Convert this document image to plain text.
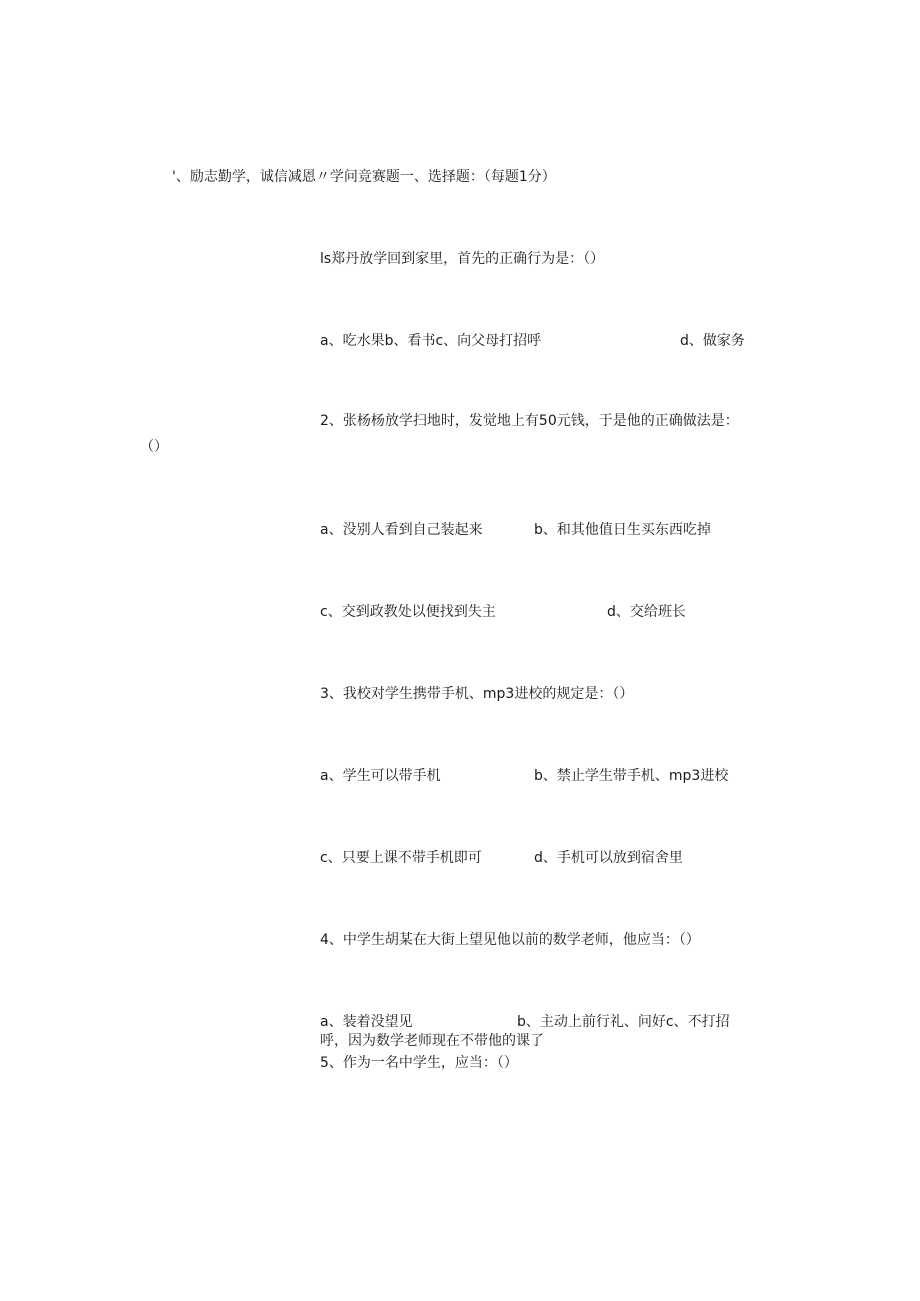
'、励志勤学，诚信减恩〃学问竞赛题一、选择题：（每题1分）
ls郑丹放学回到家里，首先的正确行为是：（）
a、吃水果b、看书c、向父母打招呼	d、做家务
2、张杨杨放学扫地时，发觉地上有50元钱，于是他的正确做法是：
（）
a、没别人看到自己装起来	b、和其他值日生买东西吃掉
c、交到政教处以便找到失主	d、交给班长
3、我校对学生携带手机、mp3进校的规定是：（）
a、学生可以带手机	b、禁止学生带手机、mp3进校
c、只要上课不带手机即可	d、手机可以放到宿舍里
4、中学生胡某在大街上望见他以前的数学老师，他应当：（）
a、装着没望见	b、主动上前行礼、问好c、不打招
呼，因为数学老师现在不带他的课了
5、作为一名中学生，应当：（）
